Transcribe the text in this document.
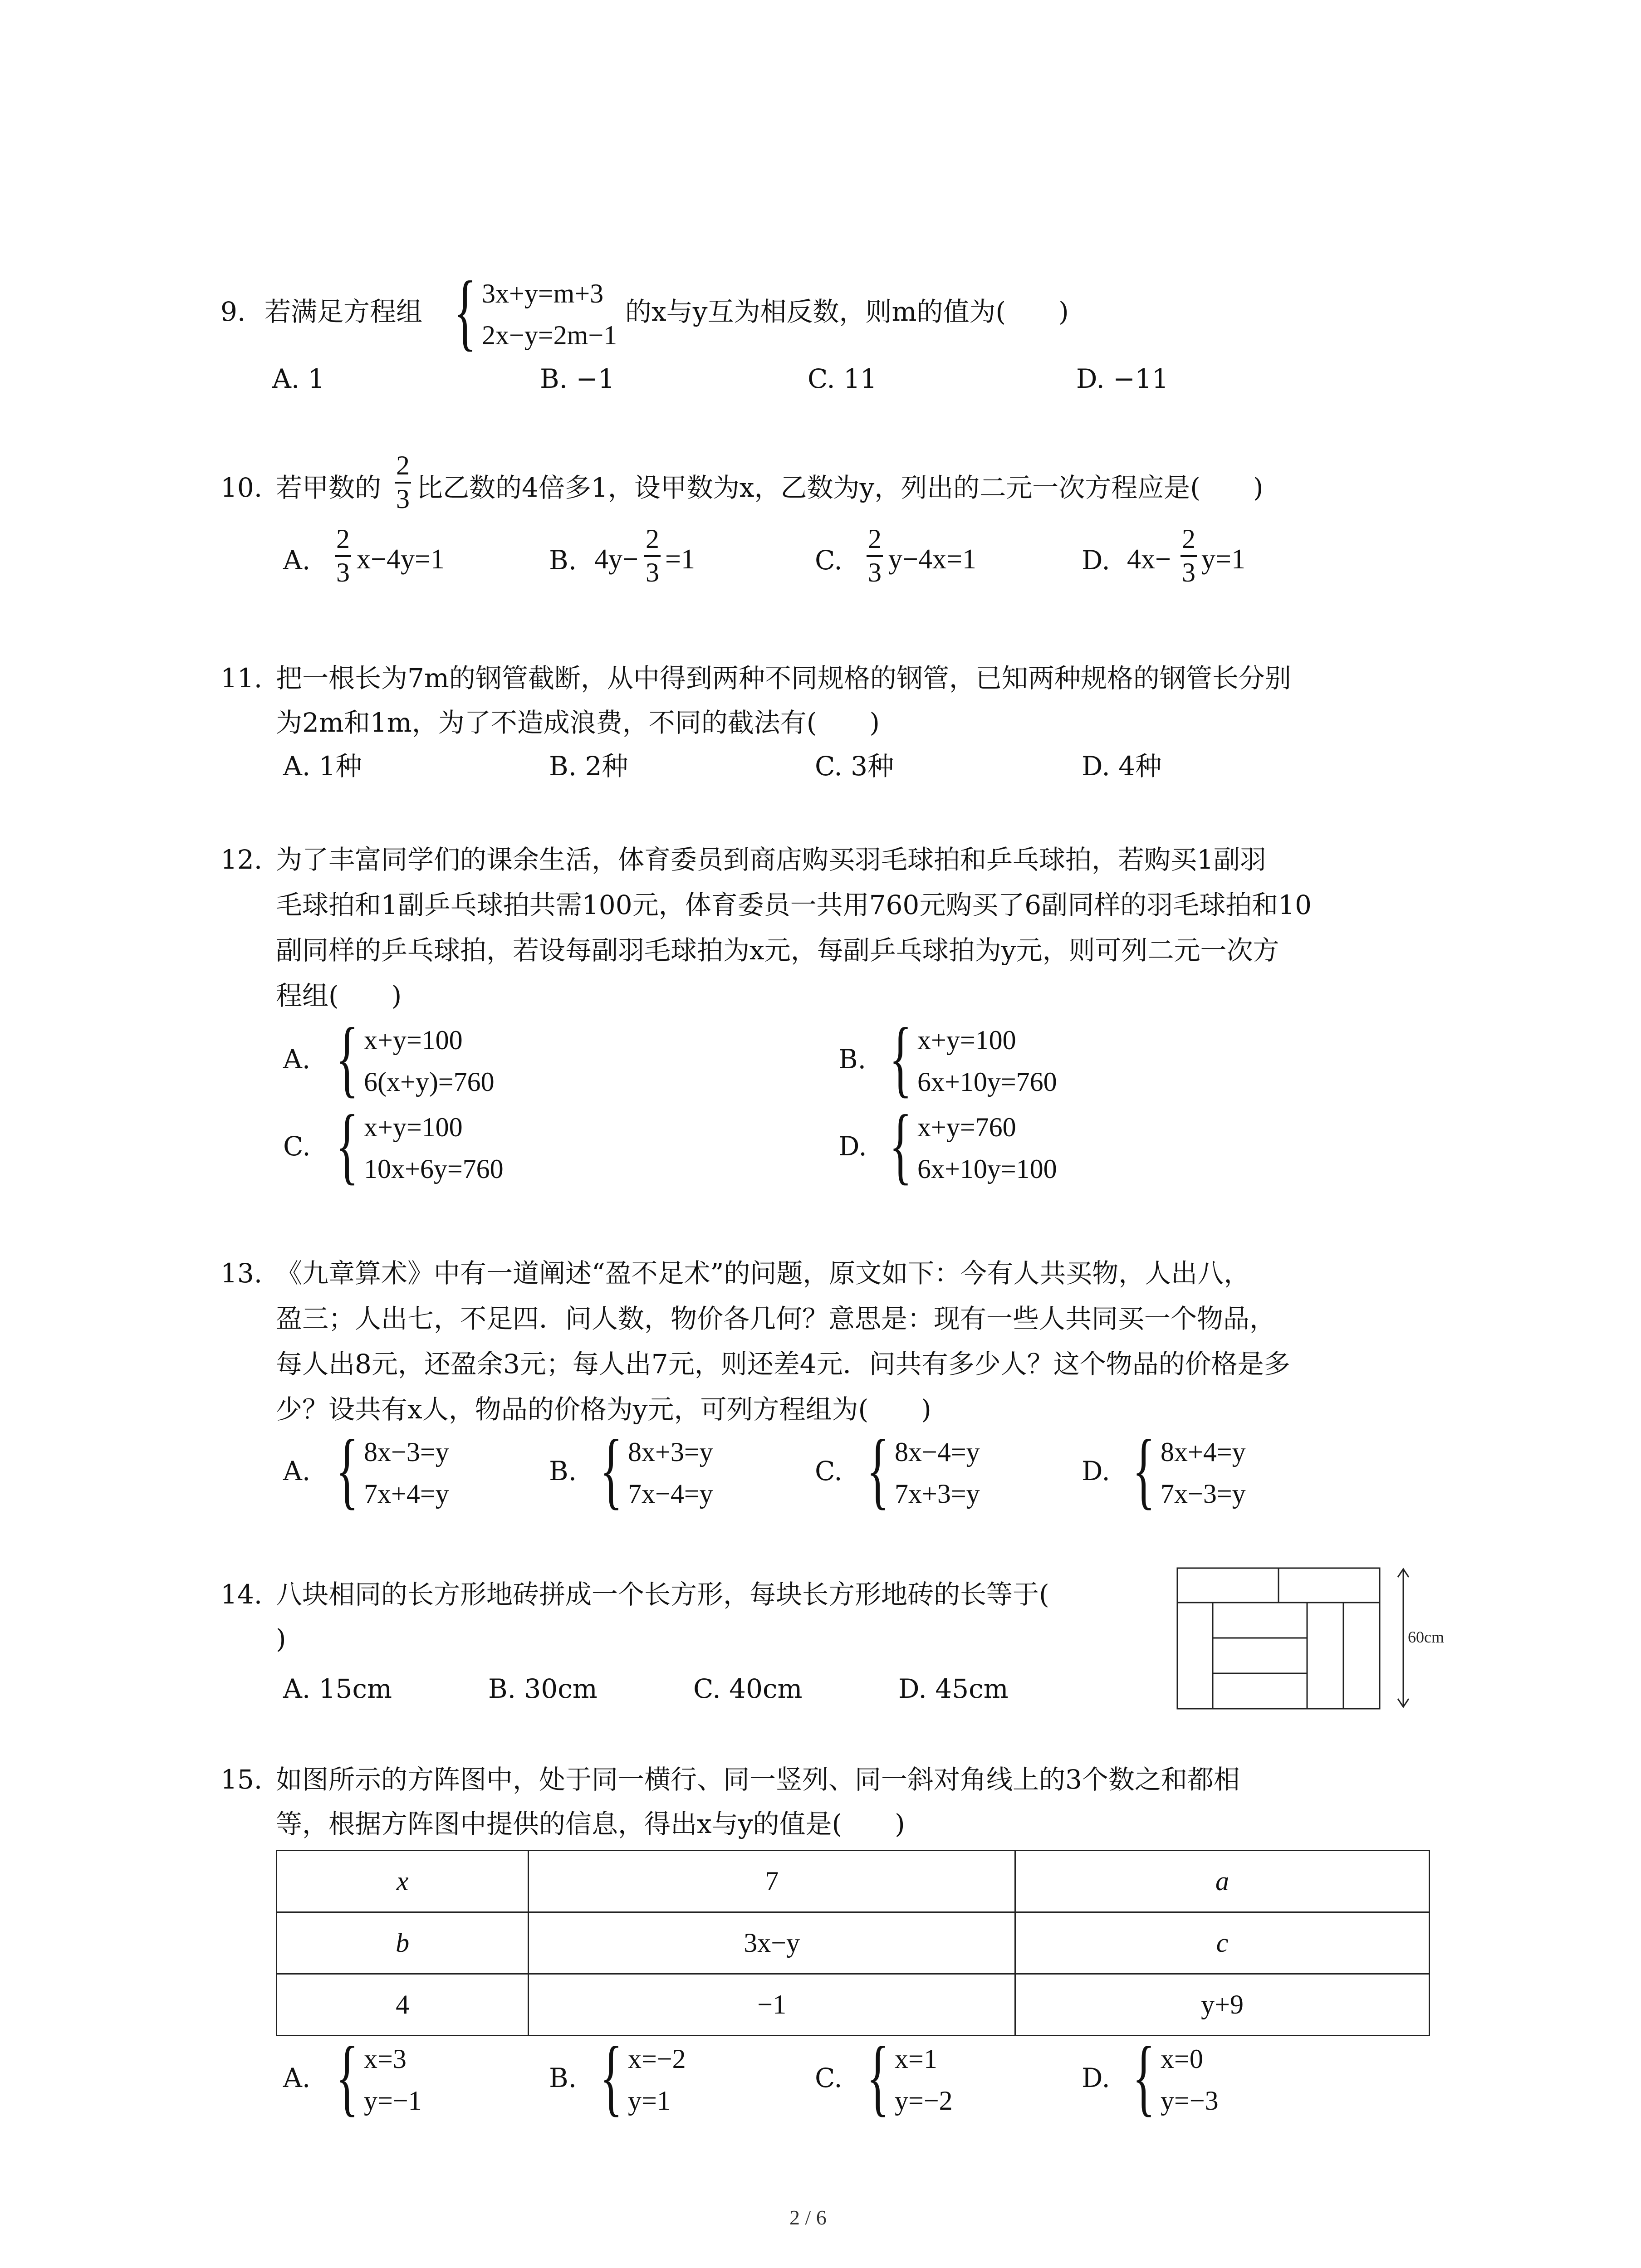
9. 若满足方程组 { 3x+y=m+3
2x−y=2m−1
的x与y互为相反数，则m的值为(　　)
A. 1	B. −1	C. 11	D. −11
10. 若甲数的
2
3 比乙数的4倍多1，设甲数为x，乙数为y，列出的二元一次方程应是(　　)
A.
2
3 x−4y=1	B. 4y−
2
3 =1	C.
2
3 y−4x=1	D. 4x−
2
3 y=1
11. 把一根长为7m的钢管截断，从中得到两种不同规格的钢管，已知两种规格的钢管长分别
为2m和1m，为了不造成浪费，不同的截法有(　　)
A. 1种	B. 2种	C. 3种	D. 4种
12. 为了丰富同学们的课余生活，体育委员到商店购买羽毛球拍和乒乓球拍，若购买1副羽
毛球拍和1副乒乓球拍共需100元，体育委员一共用760元购买了6副同样的羽毛球拍和10
副同样的乒乓球拍，若设每副羽毛球拍为x元，每副乒乓球拍为y元，则可列二元一次方
程组(　　)
A. { x+y=100
6(x+y)=760
B. { x+y=100
6x+10y=760
C. { x+y=100
10x+6y=760
D. { x+y=760
6x+10y=100
13. 《九章算术》中有一道阐述“盈不足术”的问题，原文如下：今有人共买物，人出八，
盈三；人出七，不足四．问人数，物价各几何？意思是：现有一些人共同买一个物品，
每人出8元，还盈余3元；每人出7元，则还差4元．问共有多少人？这个物品的价格是多
少？设共有x人，物品的价格为y元，可列方程组为(　　)
A. { 8x−3=y
7x+4=y
B. { 8x+3=y
7x−4=y
C. { 8x−4=y
7x+3=y
D. { 8x+4=y
7x−3=y
14. 八块相同的长方形地砖拼成一个长方形，每块长方形地砖的长等于(
)
A. 15cm	B. 30cm	C. 40cm	D. 45cm
60cm
15. 如图所示的方阵图中，处于同一横行、同一竖列、同一斜对角线上的3个数之和都相
等，根据方阵图中提供的信息，得出x与y的值是(　　)
x	7	a
b	3x−y	c
4	−1	y+9
A. { x=3
y=−1
B. { x=−2
y=1
C. { x=1
y=−2
D. { x=0
y=−3
2 / 6
